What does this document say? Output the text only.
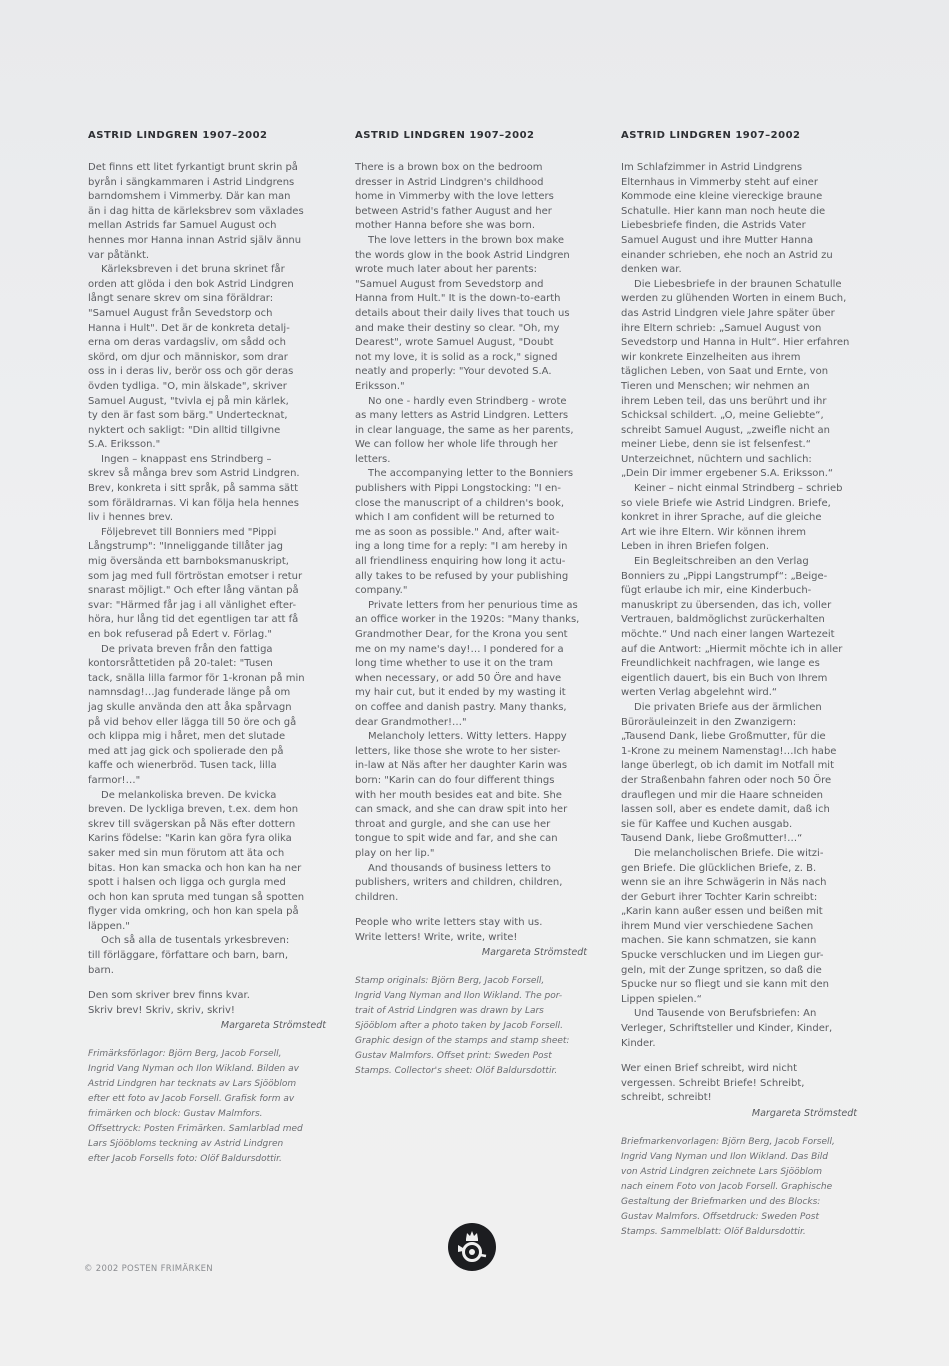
ASTRID LINDGREN 1907–2002

Det finns ett litet fyrkantigt brunt skrin på
byrån i sängkammaren i Astrid Lindgrens
barndomshem i Vimmerby. Där kan man
än i dag hitta de kärleksbrev som växlades
mellan Astrids far Samuel August och
hennes mor Hanna innan Astrid själv ännu
var påtänkt.

Kärleksbreven i det bruna skrinet får
orden att glöda i den bok Astrid Lindgren
långt senare skrev om sina föräldrar:
"Samuel August från Sevedstorp och
Hanna i Hult". Det är de konkreta detalj-
erna om deras vardagsliv, om sådd och
skörd, om djur och människor, som drar
oss in i deras liv, berör oss och gör deras
övden tydliga. "O, min älskade", skriver
Samuel August, "tvivla ej på min kärlek,
ty den är fast som bärg." Undertecknat,
nyktert och sakligt: "Din alltid tillgivne
S.A. Eriksson."

Ingen – knappast ens Strindberg –
skrev så många brev som Astrid Lindgren.
Brev, konkreta i sitt språk, på samma sätt
som föräldrarnas. Vi kan följa hela hennes
liv i hennes brev.

Följebrevet till Bonniers med "Pippi
Långstrump": "Inneliggande tillåter jag
mig översända ett barnboksmanuskript,
som jag med full förtröstan emotser i retur
snarast möjligt." Och efter lång väntan på
svar: "Härmed får jag i all vänlighet efter-
höra, hur lång tid det egentligen tar att få
en bok refuserad på Edert v. Förlag."

De privata breven från den fattiga
kontorsråttetiden på 20-talet: "Tusen
tack, snälla lilla farmor för 1-kronan på min
namnsdag!…Jag funderade länge på om
jag skulle använda den att åka spårvagn
på vid behov eller lägga till 50 öre och gå
och klippa mig i håret, men det slutade
med att jag gick och spolierade den på
kaffe och wienerbröd. Tusen tack, lilla
farmor!…"

De melankoliska breven. De kvicka
breven. De lyckliga breven, t.ex. dem hon
skrev till svägerskan på Näs efter dottern
Karins födelse: "Karin kan göra fyra olika
saker med sin mun förutom att äta och
bitas. Hon kan smacka och hon kan ha ner
spott i halsen och ligga och gurgla med
och hon kan spruta med tungan så spotten
flyger vida omkring, och hon kan spela på
läppen."

Och så alla de tusentals yrkesbreven:
till förläggare, författare och barn, barn,
barn.

Den som skriver brev finns kvar.
Skriv brev! Skriv, skriv, skriv!
Margareta Strömstedt
Frimärksförlagor: Björn Berg, Jacob Forsell,
Ingrid Vang Nyman och Ilon Wikland. Bilden av
Astrid Lindgren har tecknats av Lars Sjööblom
efter ett foto av Jacob Forsell. Grafisk form av
frimärken och block: Gustav Malmfors.
Offsettryck: Posten Frimärken. Samlarblad med
Lars Sjööbloms teckning av Astrid Lindgren
efter Jacob Forsells foto: Olöf Baldursdottir.
ASTRID LINDGREN 1907–2002

There is a brown box on the bedroom
dresser in Astrid Lindgren's childhood
home in Vimmerby with the love letters
between Astrid's father August and her
mother Hanna before she was born.

The love letters in the brown box make
the words glow in the book Astrid Lindgren
wrote much later about her parents:
"Samuel August from Sevedstorp and
Hanna from Hult." It is the down-to-earth
details about their daily lives that touch us
and make their destiny so clear. "Oh, my
Dearest", wrote Samuel August, "Doubt
not my love, it is solid as a rock," signed
neatly and properly: "Your devoted S.A.
Eriksson."

No one - hardly even Strindberg - wrote
as many letters as Astrid Lindgren. Letters
in clear language, the same as her parents,
We can follow her whole life through her
letters.

The accompanying letter to the Bonniers
publishers with Pippi Longstocking: "I en-
close the manuscript of a children's book,
which I am confident will be returned to
me as soon as possible." And, after wait-
ing a long time for a reply: "I am hereby in
all friendliness enquiring how long it actu-
ally takes to be refused by your publishing
company."

Private letters from her penurious time as
an office worker in the 1920s: "Many thanks,
Grandmother Dear, for the Krona you sent
me on my name's day!… I pondered for a
long time whether to use it on the tram
when necessary, or add 50 Öre and have
my hair cut, but it ended by my wasting it
on coffee and danish pastry. Many thanks,
dear Grandmother!…"

Melancholy letters. Witty letters. Happy
letters, like those she wrote to her sister-
in-law at Näs after her daughter Karin was
born: "Karin can do four different things
with her mouth besides eat and bite. She
can smack, and she can draw spit into her
throat and gurgle, and she can use her
tongue to spit wide and far, and she can
play on her lip."

And thousands of business letters to
publishers, writers and children, children,
children.

People who write letters stay with us.
Write letters! Write, write, write!
Margareta Strömstedt
Stamp originals: Björn Berg, Jacob Forsell,
Ingrid Vang Nyman and Ilon Wikland. The por-
trait of Astrid Lindgren was drawn by Lars
Sjööblom after a photo taken by Jacob Forsell.
Graphic design of the stamps and stamp sheet:
Gustav Malmfors. Offset print: Sweden Post
Stamps. Collector's sheet: Olöf Baldursdottir.
ASTRID LINDGREN 1907–2002

Im Schlafzimmer in Astrid Lindgrens
Elternhaus in Vimmerby steht auf einer
Kommode eine kleine viereckige braune
Schatulle. Hier kann man noch heute die
Liebesbriefe finden, die Astrids Vater
Samuel August und ihre Mutter Hanna
einander schrieben, ehe noch an Astrid zu
denken war.

Die Liebesbriefe in der braunen Schatulle
werden zu glühenden Worten in einem Buch,
das Astrid Lindgren viele Jahre später über
ihre Eltern schrieb: „Samuel August von
Sevedstorp und Hanna in Hult“. Hier erfahren
wir konkrete Einzelheiten aus ihrem
täglichen Leben, von Saat und Ernte, von
Tieren und Menschen; wir nehmen an
ihrem Leben teil, das uns berührt und ihr
Schicksal schildert. „O, meine Geliebte“,
schreibt Samuel August, „zweifle nicht an
meiner Liebe, denn sie ist felsenfest.“
Unterzeichnet, nüchtern und sachlich:
„Dein Dir immer ergebener S.A. Eriksson.“

Keiner – nicht einmal Strindberg – schrieb
so viele Briefe wie Astrid Lindgren. Briefe,
konkret in ihrer Sprache, auf die gleiche
Art wie ihre Eltern. Wir können ihrem
Leben in ihren Briefen folgen.

Ein Begleitschreiben an den Verlag
Bonniers zu „Pippi Langstrumpf“: „Beige-
fügt erlaube ich mir, eine Kinderbuch-
manuskript zu übersenden, das ich, voller
Vertrauen, baldmöglichst zurückerhalten
möchte.“ Und nach einer langen Wartezeit
auf die Antwort: „Hiermit möchte ich in aller
Freundlichkeit nachfragen, wie lange es
eigentlich dauert, bis ein Buch von Ihrem
werten Verlag abgelehnt wird.“

Die privaten Briefe aus der ärmlichen
Büroräuleinzeit in den Zwanzigern:
„Tausend Dank, liebe Großmutter, für die
1-Krone zu meinem Namenstag!…Ich habe
lange überlegt, ob ich damit im Notfall mit
der Straßenbahn fahren oder noch 50 Öre
drauflegen und mir die Haare schneiden
lassen soll, aber es endete damit, daß ich
sie für Kaffee und Kuchen ausgab.
Tausend Dank, liebe Großmutter!…“

Die melancholischen Briefe. Die witzi-
gen Briefe. Die glücklichen Briefe, z. B.
wenn sie an ihre Schwägerin in Näs nach
der Geburt ihrer Tochter Karin schreibt:
„Karin kann außer essen und beißen mit
ihrem Mund vier verschiedene Sachen
machen. Sie kann schmatzen, sie kann
Spucke verschlucken und im Liegen gur-
geln, mit der Zunge spritzen, so daß die
Spucke nur so fliegt und sie kann mit den
Lippen spielen.“

Und Tausende von Berufsbriefen: An
Verleger, Schriftsteller und Kinder, Kinder,
Kinder.

Wer einen Brief schreibt, wird nicht
vergessen. Schreibt Briefe! Schreibt,
schreibt, schreibt!
Margareta Strömstedt
Briefmarkenvorlagen: Björn Berg, Jacob Forsell,
Ingrid Vang Nyman und Ilon Wikland. Das Bild
von Astrid Lindgren zeichnete Lars Sjööblom
nach einem Foto von Jacob Forsell. Graphische
Gestaltung der Briefmarken und des Blocks:
Gustav Malmfors. Offsetdruck: Sweden Post
Stamps. Sammelblatt: Olöf Baldursdottir.
© 2002 POSTEN FRIMÄRKEN
